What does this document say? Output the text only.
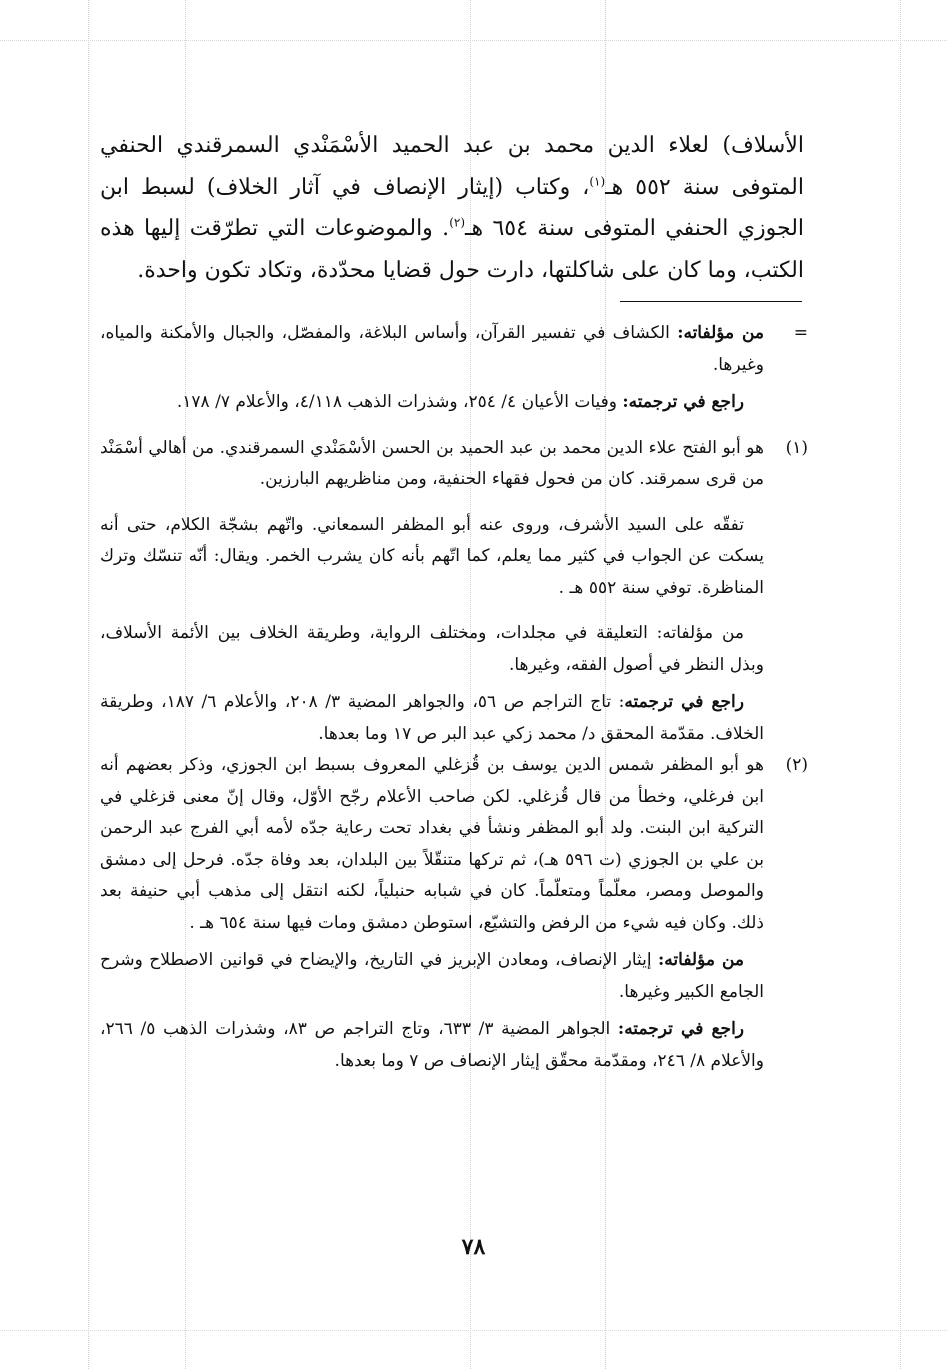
الأسلاف) لعلاء الدين محمد بن عبد الحميد الأسْمَنْدي السمرقندي الحنفي المتوفى سنة ٥٥٢ هـ$^{(١)}$، وكتاب (إيثار الإنصاف في آثار الخلاف) لسبط ابن الجوزي الحنفي المتوفى سنة ٦٥٤ هـ$^{(٢)}$. والموضوعات التي تطرّقت إليها هذه الكتب، وما كان على شاكلتها، دارت حول قضايا محدّدة، وتكاد تكون واحدة.

=

من مؤلفاته: الكشاف في تفسير القرآن، وأساس البلاغة، والمفصّل، والجبال والأمكنة والمياه، وغيرها.

راجع في ترجمته: وفيات الأعيان ٤/ ٢٥٤، وشذرات الذهب ٤/١١٨، والأعلام ٧/ ١٧٨.

(١)

هو أبو الفتح علاء الدين محمد بن عبد الحميد بن الحسن الأسْمَنْدي السمرقندي. من أهالي أسْمَنْد من قرى سمرقند. كان من فحول فقهاء الحنفية، ومن مناظريهم البارزين.

تفقّه على السيد الأشرف، وروى عنه أبو المظفر السمعاني. واتّهم بشجّة الكلام، حتى أنه يسكت عن الجواب في كثير مما يعلم، كما اتّهم بأنه كان يشرب الخمر. ويقال: أنّه تنسّك وترك المناظرة. توفي سنة ٥٥٢ هـ .

من مؤلفاته: التعليقة في مجلدات، ومختلف الرواية، وطريقة الخلاف بين الأئمة الأسلاف، وبذل النظر في أصول الفقه، وغيرها.

راجع في ترجمته: تاج التراجم ص ٥٦، والجواهر المضية ٣/ ٢٠٨، والأعلام ٦/ ١٨٧، وطريقة الخلاف. مقدّمة المحقق د/ محمد زكي عبد البر ص ١٧ وما بعدها.

(٢)

هو أبو المظفر شمس الدين يوسف بن قُزغلي المعروف بسبط ابن الجوزي، وذكر بعضهم أنه ابن فرغلي، وخطأ من قال قُزغلي. لكن صاحب الأعلام رجّح الأوّل، وقال إنّ معنى قزغلي في التركية ابن البنت. ولد أبو المظفر ونشأ في بغداد تحت رعاية جدّه لأمه أبي الفرج عبد الرحمن بن علي بن الجوزي (ت ٥٩٦ هـ)، ثم تركها متنقّلاً بين البلدان، بعد وفاة جدّه. فرحل إلى دمشق والموصل ومصر، معلّماً ومتعلّماً. كان في شبابه حنبلياً، لكنه انتقل إلى مذهب أبي حنيفة بعد ذلك. وكان فيه شيء من الرفض والتشيّع، استوطن دمشق ومات فيها سنة ٦٥٤ هـ .

من مؤلفاته: إيثار الإنصاف، ومعادن الإبريز في التاريخ، والإيضاح في قوانين الاصطلاح وشرح الجامع الكبير وغيرها.

راجع في ترجمته: الجواهر المضية ٣/ ٦٣٣، وتاج التراجم ص ٨٣، وشذرات الذهب ٥/ ٢٦٦، والأعلام ٨/ ٢٤٦، ومقدّمة محقّق إيثار الإنصاف ص ٧ وما بعدها.

٧٨
